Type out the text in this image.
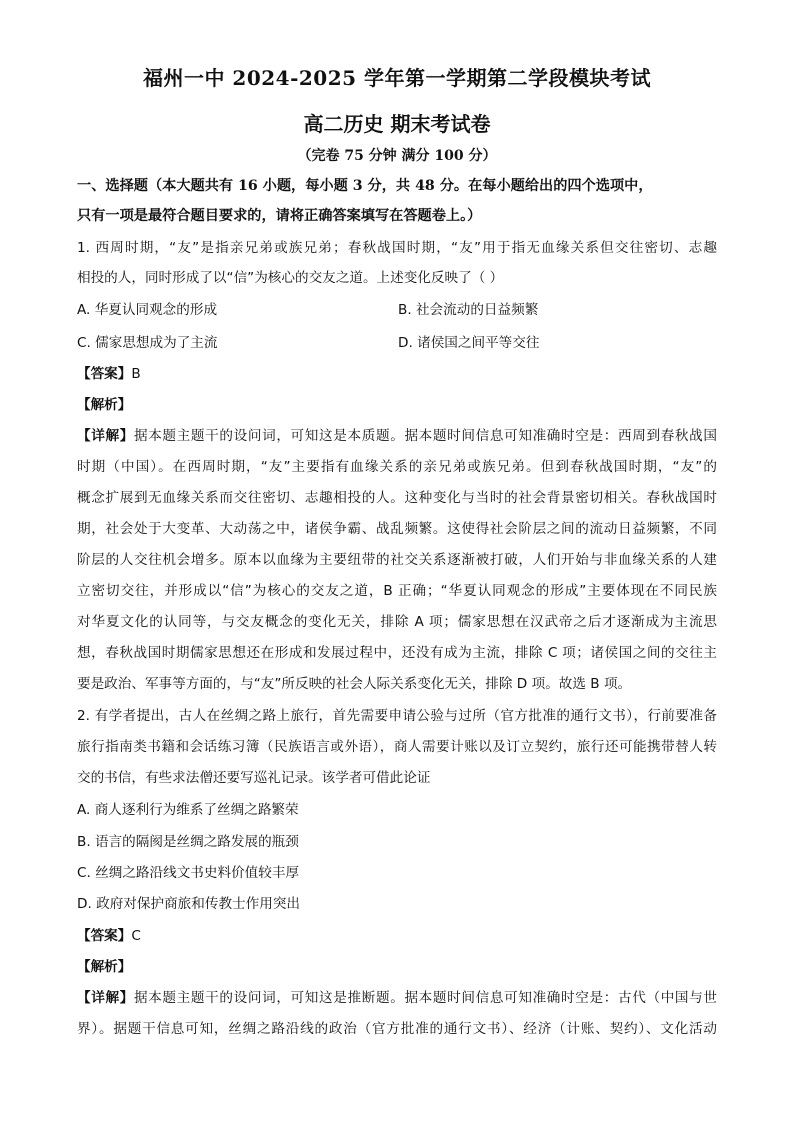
福州一中 2024-2025 学年第一学期第二学段模块考试
高二历史 期末考试卷
（完卷 75 分钟 满分 100 分）
一、选择题（本大题共有 16 小题，每小题 3 分，共 48 分。在每小题给出的四个选项中，
只有一项是最符合题目要求的，请将正确答案填写在答题卷上。）
1. 西周时期，“友”是指亲兄弟或族兄弟；春秋战国时期，“友”用于指无血缘关系但交往密切、志趣
相投的人，同时形成了以“信”为核心的交友之道。上述变化反映了（ ）
A. 华夏认同观念的形成	B. 社会流动的日益频繁
C. 儒家思想成为了主流	D. 诸侯国之间平等交往
【答案】B
【解析】
【详解】据本题主题干的设问词，可知这是本质题。据本题时间信息可知准确时空是：西周到春秋战国
时期（中国）。在西周时期，“友”主要指有血缘关系的亲兄弟或族兄弟。但到春秋战国时期，“友”的
概念扩展到无血缘关系而交往密切、志趣相投的人。这种变化与当时的社会背景密切相关。春秋战国时
期，社会处于大变革、大动荡之中，诸侯争霸、战乱频繁。这使得社会阶层之间的流动日益频繁，不同
阶层的人交往机会增多。原本以血缘为主要纽带的社交关系逐渐被打破，人们开始与非血缘关系的人建
立密切交往，并形成以“信”为核心的交友之道，B 正确；“华夏认同观念的形成”主要体现在不同民族
对华夏文化的认同等，与交友概念的变化无关，排除 A 项；儒家思想在汉武帝之后才逐渐成为主流思
想，春秋战国时期儒家思想还在形成和发展过程中，还没有成为主流，排除 C 项；诸侯国之间的交往主
要是政治、军事等方面的，与“友”所反映的社会人际关系变化无关，排除 D 项。故选 B 项。
2. 有学者提出，古人在丝绸之路上旅行，首先需要申请公验与过所（官方批准的通行文书），行前要准备
旅行指南类书籍和会话练习簿（民族语言或外语），商人需要计账以及订立契约，旅行还可能携带替人转
交的书信，有些求法僧还要写巡礼记录。该学者可借此论证
A. 商人逐利行为维系了丝绸之路繁荣
B. 语言的隔阂是丝绸之路发展的瓶颈
C. 丝绸之路沿线文书史料价值较丰厚
D. 政府对保护商旅和传教士作用突出
【答案】C
【解析】
【详解】据本题主题干的设问词，可知这是推断题。据本题时间信息可知准确时空是：古代（中国与世
界）。据题干信息可知，丝绸之路沿线的政治（官方批准的通行文书）、经济（计账、契约）、文化活动
